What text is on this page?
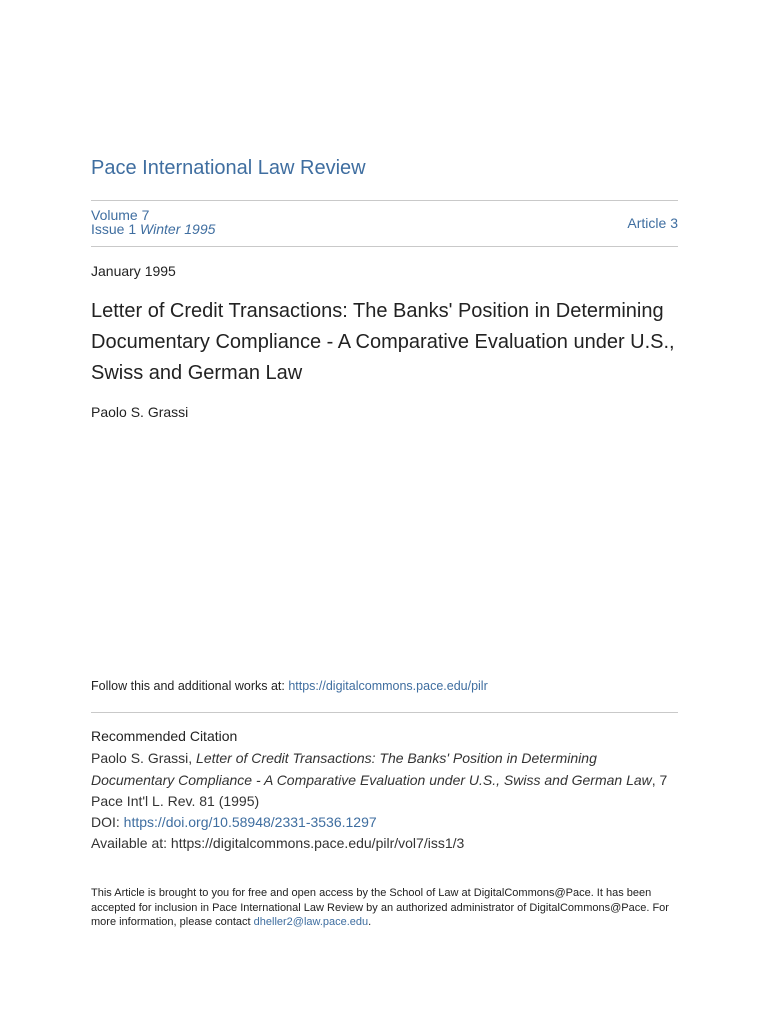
Pace International Law Review
Volume 7
Issue 1 Winter 1995	Article 3
January 1995
Letter of Credit Transactions: The Banks' Position in Determining Documentary Compliance - A Comparative Evaluation under U.S., Swiss and German Law
Paolo S. Grassi
Follow this and additional works at: https://digitalcommons.pace.edu/pilr
Recommended Citation
Paolo S. Grassi, Letter of Credit Transactions: The Banks' Position in Determining Documentary Compliance - A Comparative Evaluation under U.S., Swiss and German Law, 7 Pace Int'l L. Rev. 81 (1995)
DOI: https://doi.org/10.58948/2331-3536.1297
Available at: https://digitalcommons.pace.edu/pilr/vol7/iss1/3
This Article is brought to you for free and open access by the School of Law at DigitalCommons@Pace. It has been accepted for inclusion in Pace International Law Review by an authorized administrator of DigitalCommons@Pace. For more information, please contact dheller2@law.pace.edu.
